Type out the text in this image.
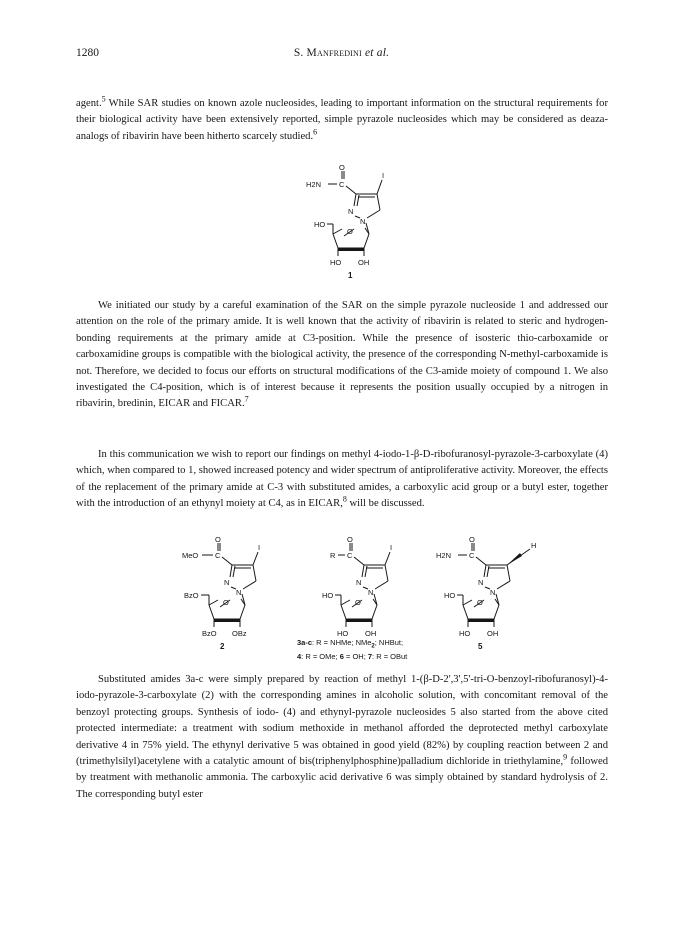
1280	S. Manfredini et al.

agent.$^5$ While SAR studies on known azole nucleosides, leading to important information on the structural requirements for their biological activity have been extensively reported, simple pyrazole nucleosides which may be considered as deaza-analogs of ribavirin have been hitherto scarcely studied.$^6$

O
H2N C
I
N
N
HO
O
HO OH
1

We initiated our study by a careful examination of the SAR on the simple pyrazole nucleoside 1 and addressed our attention on the role of the primary amide. It is well known that the activity of ribavirin is related to steric and hydrogen-bonding requirements at the primary amide at C3-position. While the presence of isosteric thio-carboxamide or carboxamidine groups is compatible with the biological activity, the presence of the corresponding N-methyl-carboxamide is not. Therefore, we decided to focus our efforts on structural modifications of the C3-amide moiety of compound 1. We also investigated the C4-position, which is of interest because it represents the position usually occupied by a nitrogen in ribavirin, bredinin, EICAR and FICAR.$^7$

In this communication we wish to report our findings on methyl 4-iodo-1-β-D-ribofuranosyl-pyrazole-3-carboxylate (4) which, when compared to 1, showed increased potency and wider spectrum of antiproliferative activity. Moreover, the effects of the replacement of the primary amide at C-3 with substituted amides, a carboxylic acid group or a butyl ester, together with the introduction of an ethynyl moiety at C4, as in EICAR,$^8$ will be discussed.

O
MeO C
I
N
N
BzO
O
BzO OBz
2
O
R C
I
N
N
HO
O
HO OH
3a-c: R = NHMe; NMe$_2$; NHBut;
4: R = OMe; 6 = OH; 7: R = OBut
O
H2N C
H
N
N
HO
O
HO OH
5

Substituted amides 3a-c were simply prepared by reaction of methyl 1-(β-D-2',3',5'-tri-O-benzoyl-ribofuranosyl)-4-iodo-pyrazole-3-carboxylate (2) with the corresponding amines in alcoholic solution, with concomitant removal of the benzoyl protecting groups. Synthesis of iodo- (4) and ethynyl-pyrazole nucleosides 5 also started from the above cited protected intermediate: a treatment with sodium methoxide in methanol afforded the deprotected methyl carboxylate derivative 4 in 75% yield. The ethynyl derivative 5 was obtained in good yield (82%) by coupling reaction between 2 and (trimethylsilyl)acetylene with a catalytic amount of bis(triphenylphosphine)palladium dichloride in triethylamine,$^9$ followed by treatment with methanolic ammonia. The carboxylic acid derivative 6 was simply obtained by standard hydrolysis of 2. The corresponding butyl ester
